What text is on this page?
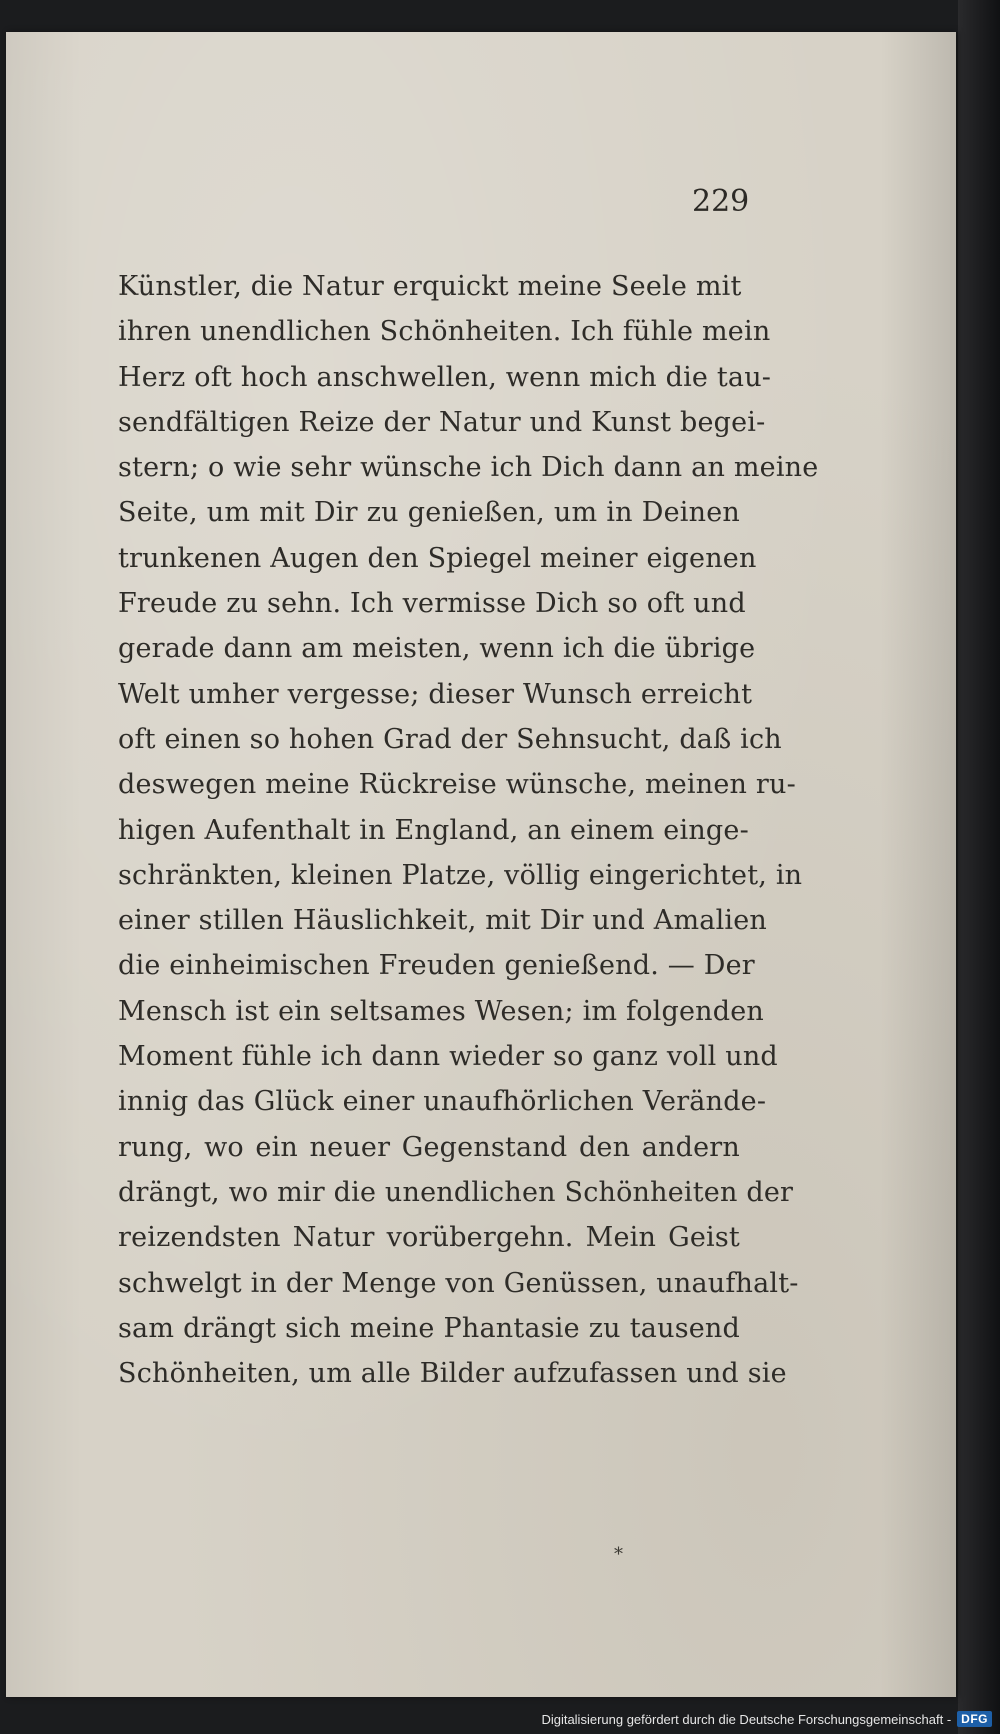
229
Künstler, die Natur erquickt meine Seele mit
ihren unendlichen Schönheiten. Ich fühle mein
Herz oft hoch anschwellen, wenn mich die tau-
sendfältigen Reize der Natur und Kunst begei-
stern; o wie sehr wünsche ich Dich dann an meine
Seite, um mit Dir zu genießen, um in Deinen
trunkenen Augen den Spiegel meiner eigenen
Freude zu sehn. Ich vermisse Dich so oft und
gerade dann am meisten, wenn ich die übrige
Welt umher vergesse; dieser Wunsch erreicht
oft einen so hohen Grad der Sehnsucht, daß ich
deswegen meine Rückreise wünsche, meinen ru-
higen Aufenthalt in England, an einem einge-
schränkten, kleinen Platze, völlig eingerichtet, in
einer stillen Häuslichkeit, mit Dir und Amalien
die einheimischen Freuden genießend. — Der
Mensch ist ein seltsames Wesen; im folgenden
Moment fühle ich dann wieder so ganz voll und
innig das Glück einer unaufhörlichen Verände-
rung, wo ein neuer Gegenstand den andern
drängt, wo mir die unendlichen Schönheiten der
reizendsten Natur vorübergehn. Mein Geist
schwelgt in der Menge von Genüssen, unaufhalt-
sam drängt sich meine Phantasie zu tausend
Schönheiten, um alle Bilder aufzufassen und sie
*
Digitalisierung gefördert durch die Deutsche Forschungsgemeinschaft - DFG
